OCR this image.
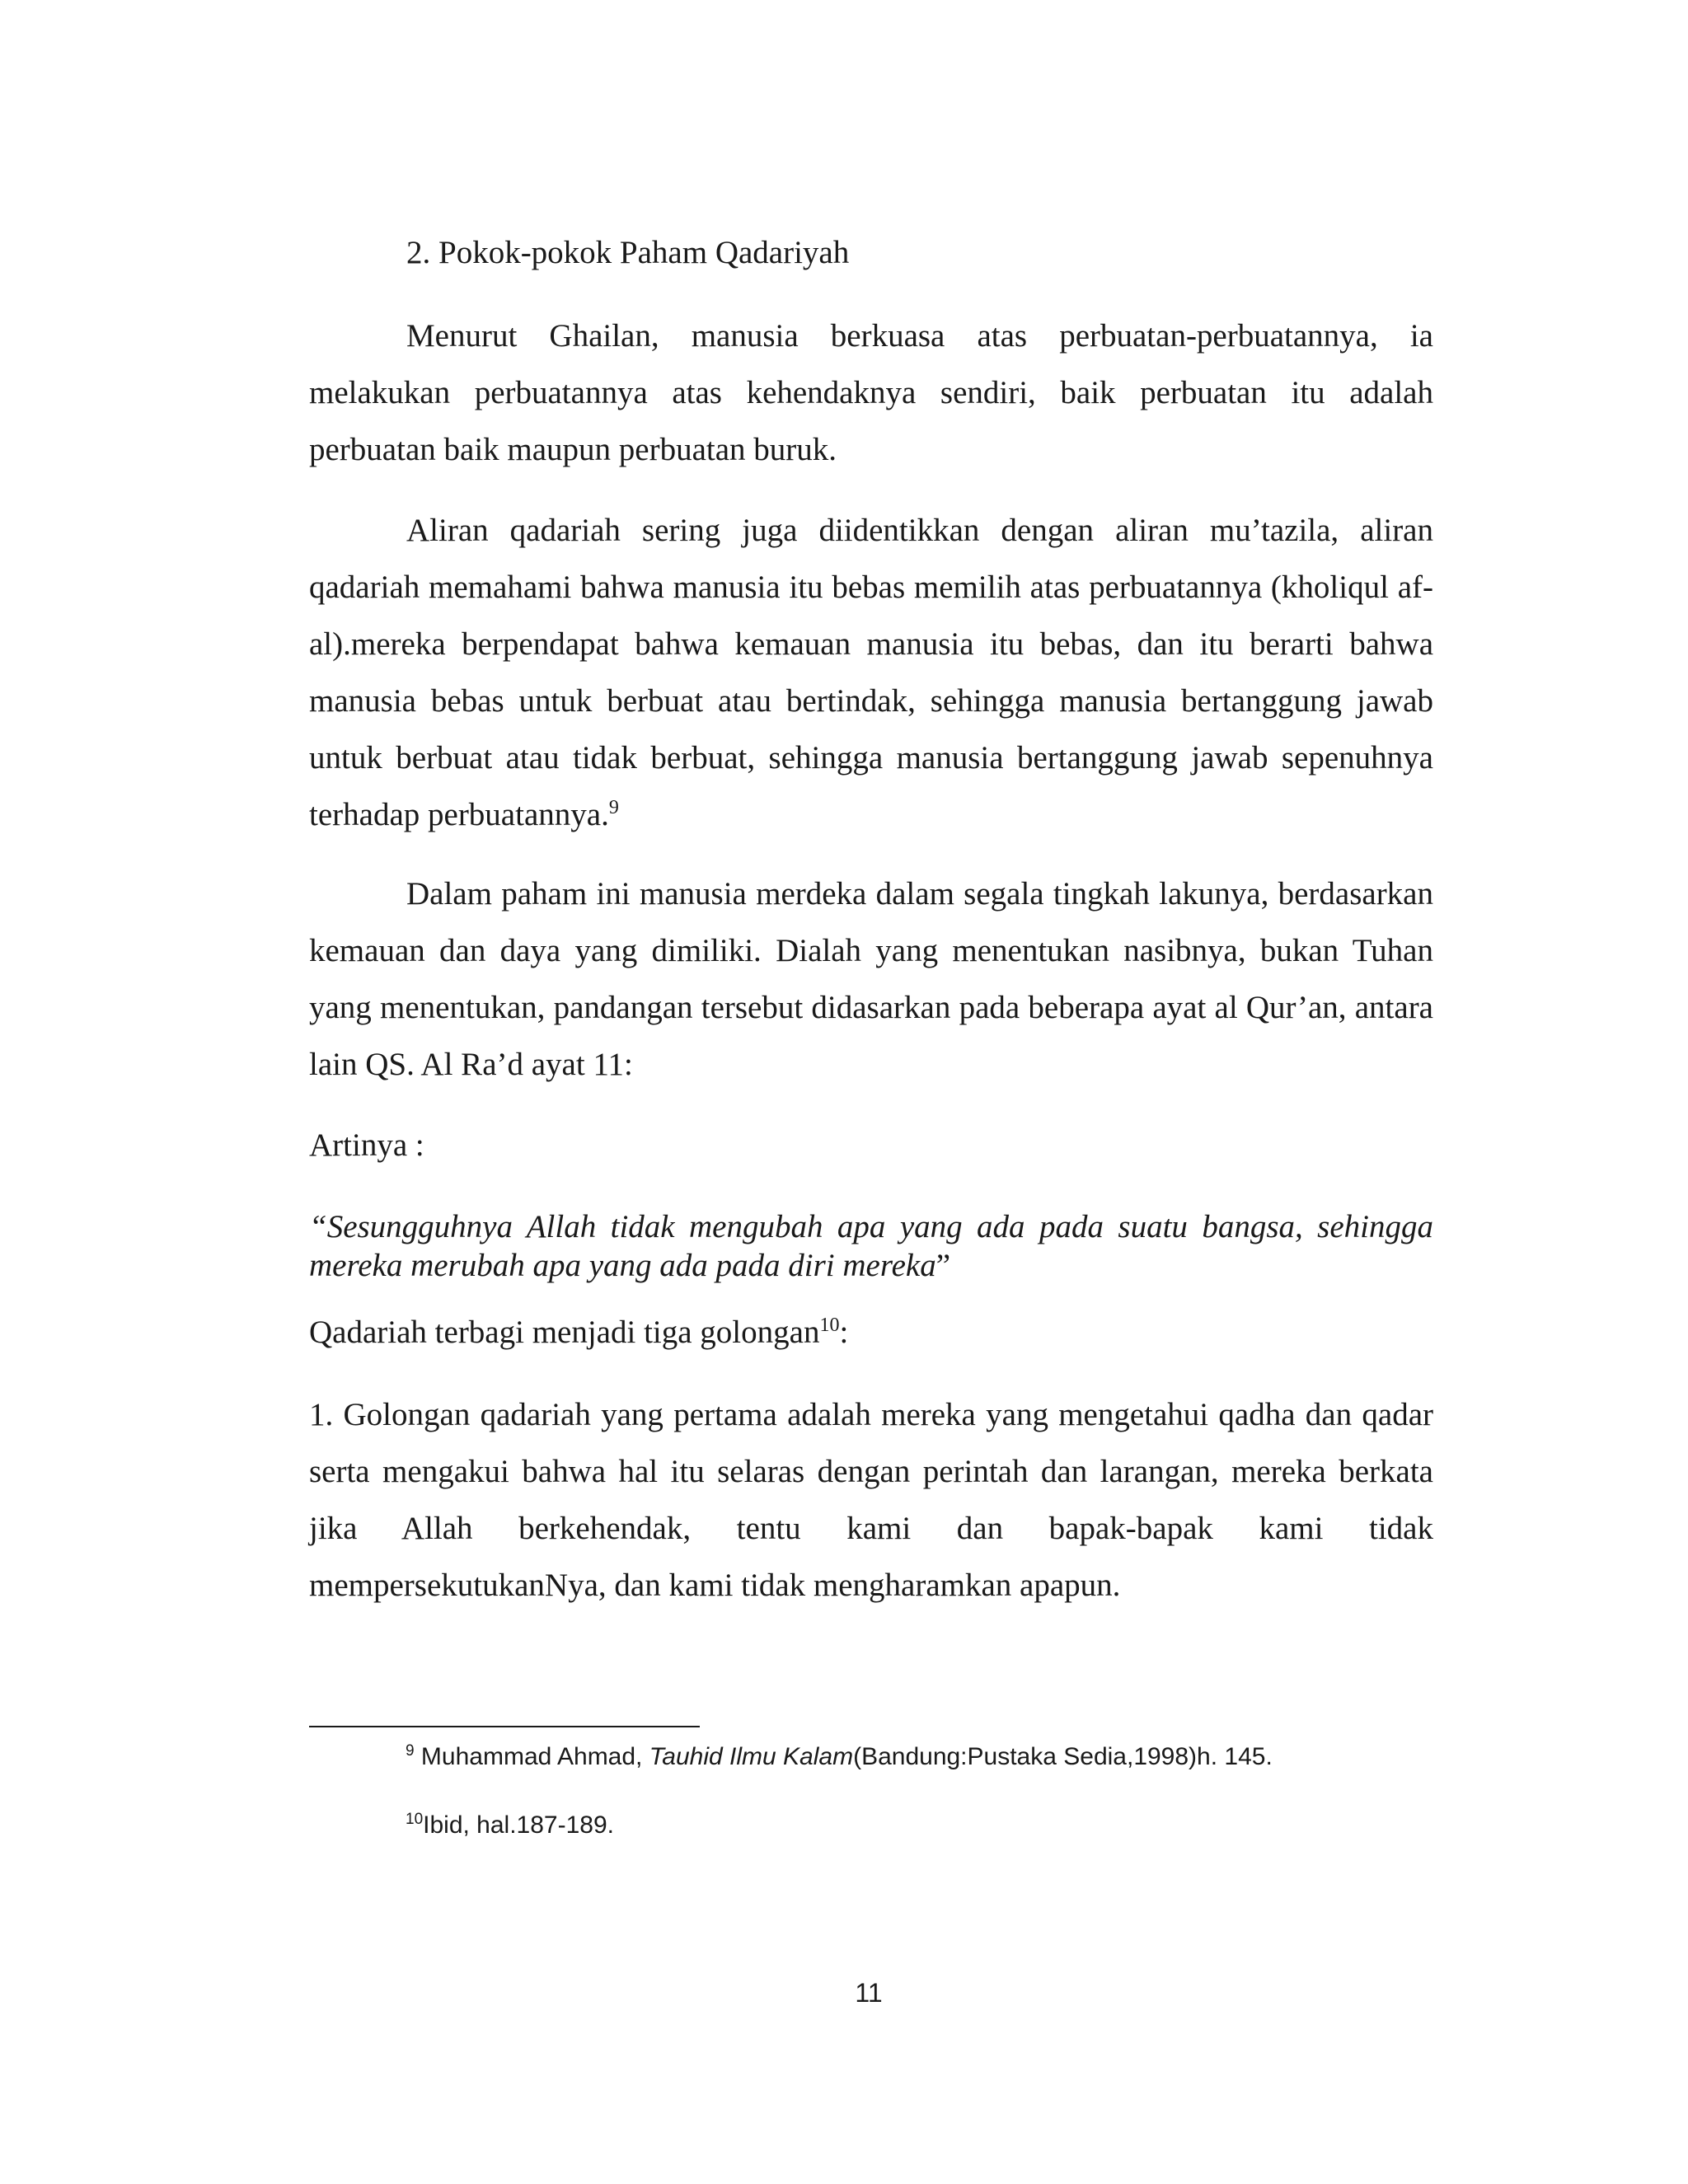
2. Pokok-pokok Paham Qadariyah
Menurut Ghailan, manusia berkuasa atas perbuatan-perbuatannya, ia melakukan perbuatannya atas kehendaknya sendiri, baik perbuatan itu adalah perbuatan baik maupun perbuatan buruk.
Aliran qadariah sering juga diidentikkan dengan aliran mu’tazila, aliran qadariah memahami bahwa manusia itu bebas memilih atas perbuatannya (kholiqul af-al).mereka berpendapat bahwa kemauan manusia itu bebas, dan itu berarti bahwa manusia bebas untuk berbuat atau bertindak, sehingga manusia bertanggung jawab untuk berbuat atau tidak berbuat, sehingga manusia bertanggung jawab sepenuhnya terhadap perbuatannya.$^9$
Dalam paham ini manusia merdeka dalam segala tingkah lakunya, berdasarkan kemauan dan daya yang dimiliki. Dialah yang menentukan nasibnya, bukan Tuhan yang menentukan, pandangan tersebut didasarkan pada beberapa ayat al Qur’an, antara lain QS. Al Ra’d ayat 11:
Artinya :
“Sesungguhnya Allah tidak mengubah apa yang ada pada suatu bangsa, sehingga mereka merubah apa yang ada pada diri mereka”
Qadariah terbagi menjadi tiga golongan$^{10}$:
1. Golongan qadariah yang pertama adalah mereka yang mengetahui qadha dan qadar serta mengakui bahwa hal itu selaras dengan perintah dan larangan, mereka berkata jika Allah berkehendak, tentu kami dan bapak-bapak kami tidak mempersekutukanNya, dan kami tidak mengharamkan apapun.
$^9$ Muhammad Ahmad, Tauhid Ilmu Kalam(Bandung:Pustaka Sedia,1998)h. 145.
$^{10}$Ibid, hal.187-189.
11
